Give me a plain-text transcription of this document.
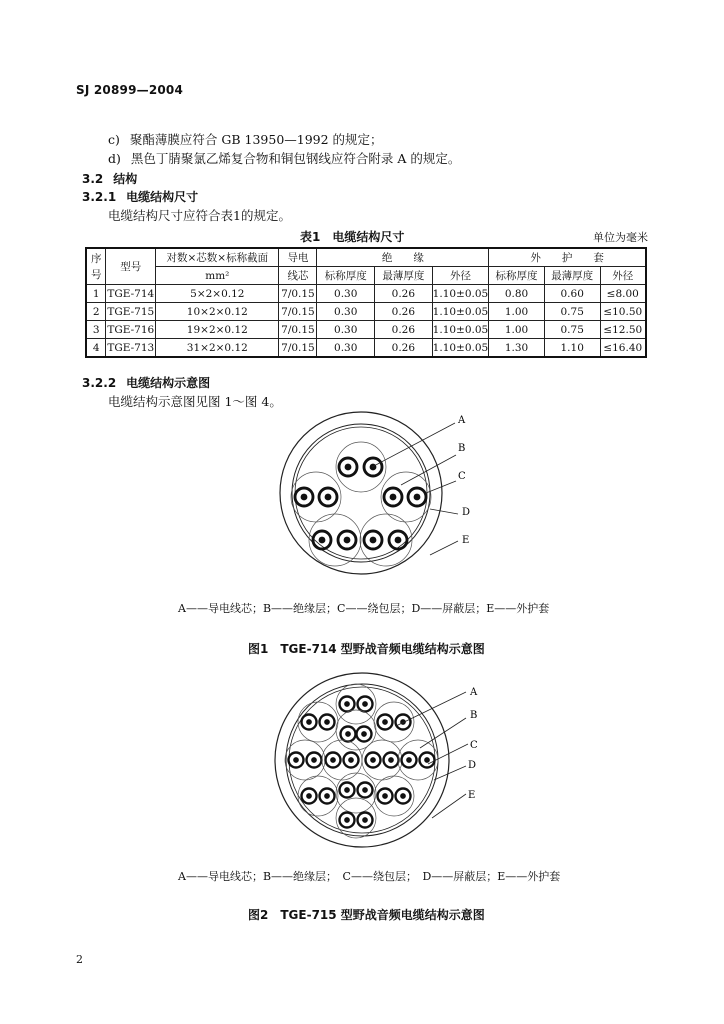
SJ 20899—2004
c) 聚酯薄膜应符合 GB 13950—1992 的规定；
d) 黑色丁腈聚氯乙烯复合物和铜包钢线应符合附录 A 的规定。
3.2 结构
3.2.1 电缆结构尺寸
电缆结构尺寸应符合表1的规定。
表1　电缆结构尺寸	单位为毫米
序号	型号	对数×芯数×标称截面	导电	绝　　缘			外　　护　　套		
		mm²	线芯	标称厚度	最薄厚度	外径	标称厚度	最薄厚度	外径
1	TGE-714	5×2×0.12	7/0.15	0.30	0.26	1.10±0.05	0.80	0.60	≤8.00
2	TGE-715	10×2×0.12	7/0.15	0.30	0.26	1.10±0.05	1.00	0.75	≤10.50
3	TGE-716	19×2×0.12	7/0.15	0.30	0.26	1.10±0.05	1.00	0.75	≤12.50
4	TGE-713	31×2×0.12	7/0.15	0.30	0.26	1.10±0.05	1.30	1.10	≤16.40
3.2.2 电缆结构示意图
电缆结构示意图见图 1～图 4。
A
B
C
D
E
A——导电线芯；B——绝缘层；C——绕包层；D——屏蔽层；E——外护套
图1　TGE-714 型野战音频电缆结构示意图
A
B
C
D
E
A——导电线芯；B——绝缘层；　C——绕包层；　D——屏蔽层；E——外护套
图2　TGE-715 型野战音频电缆结构示意图
2
